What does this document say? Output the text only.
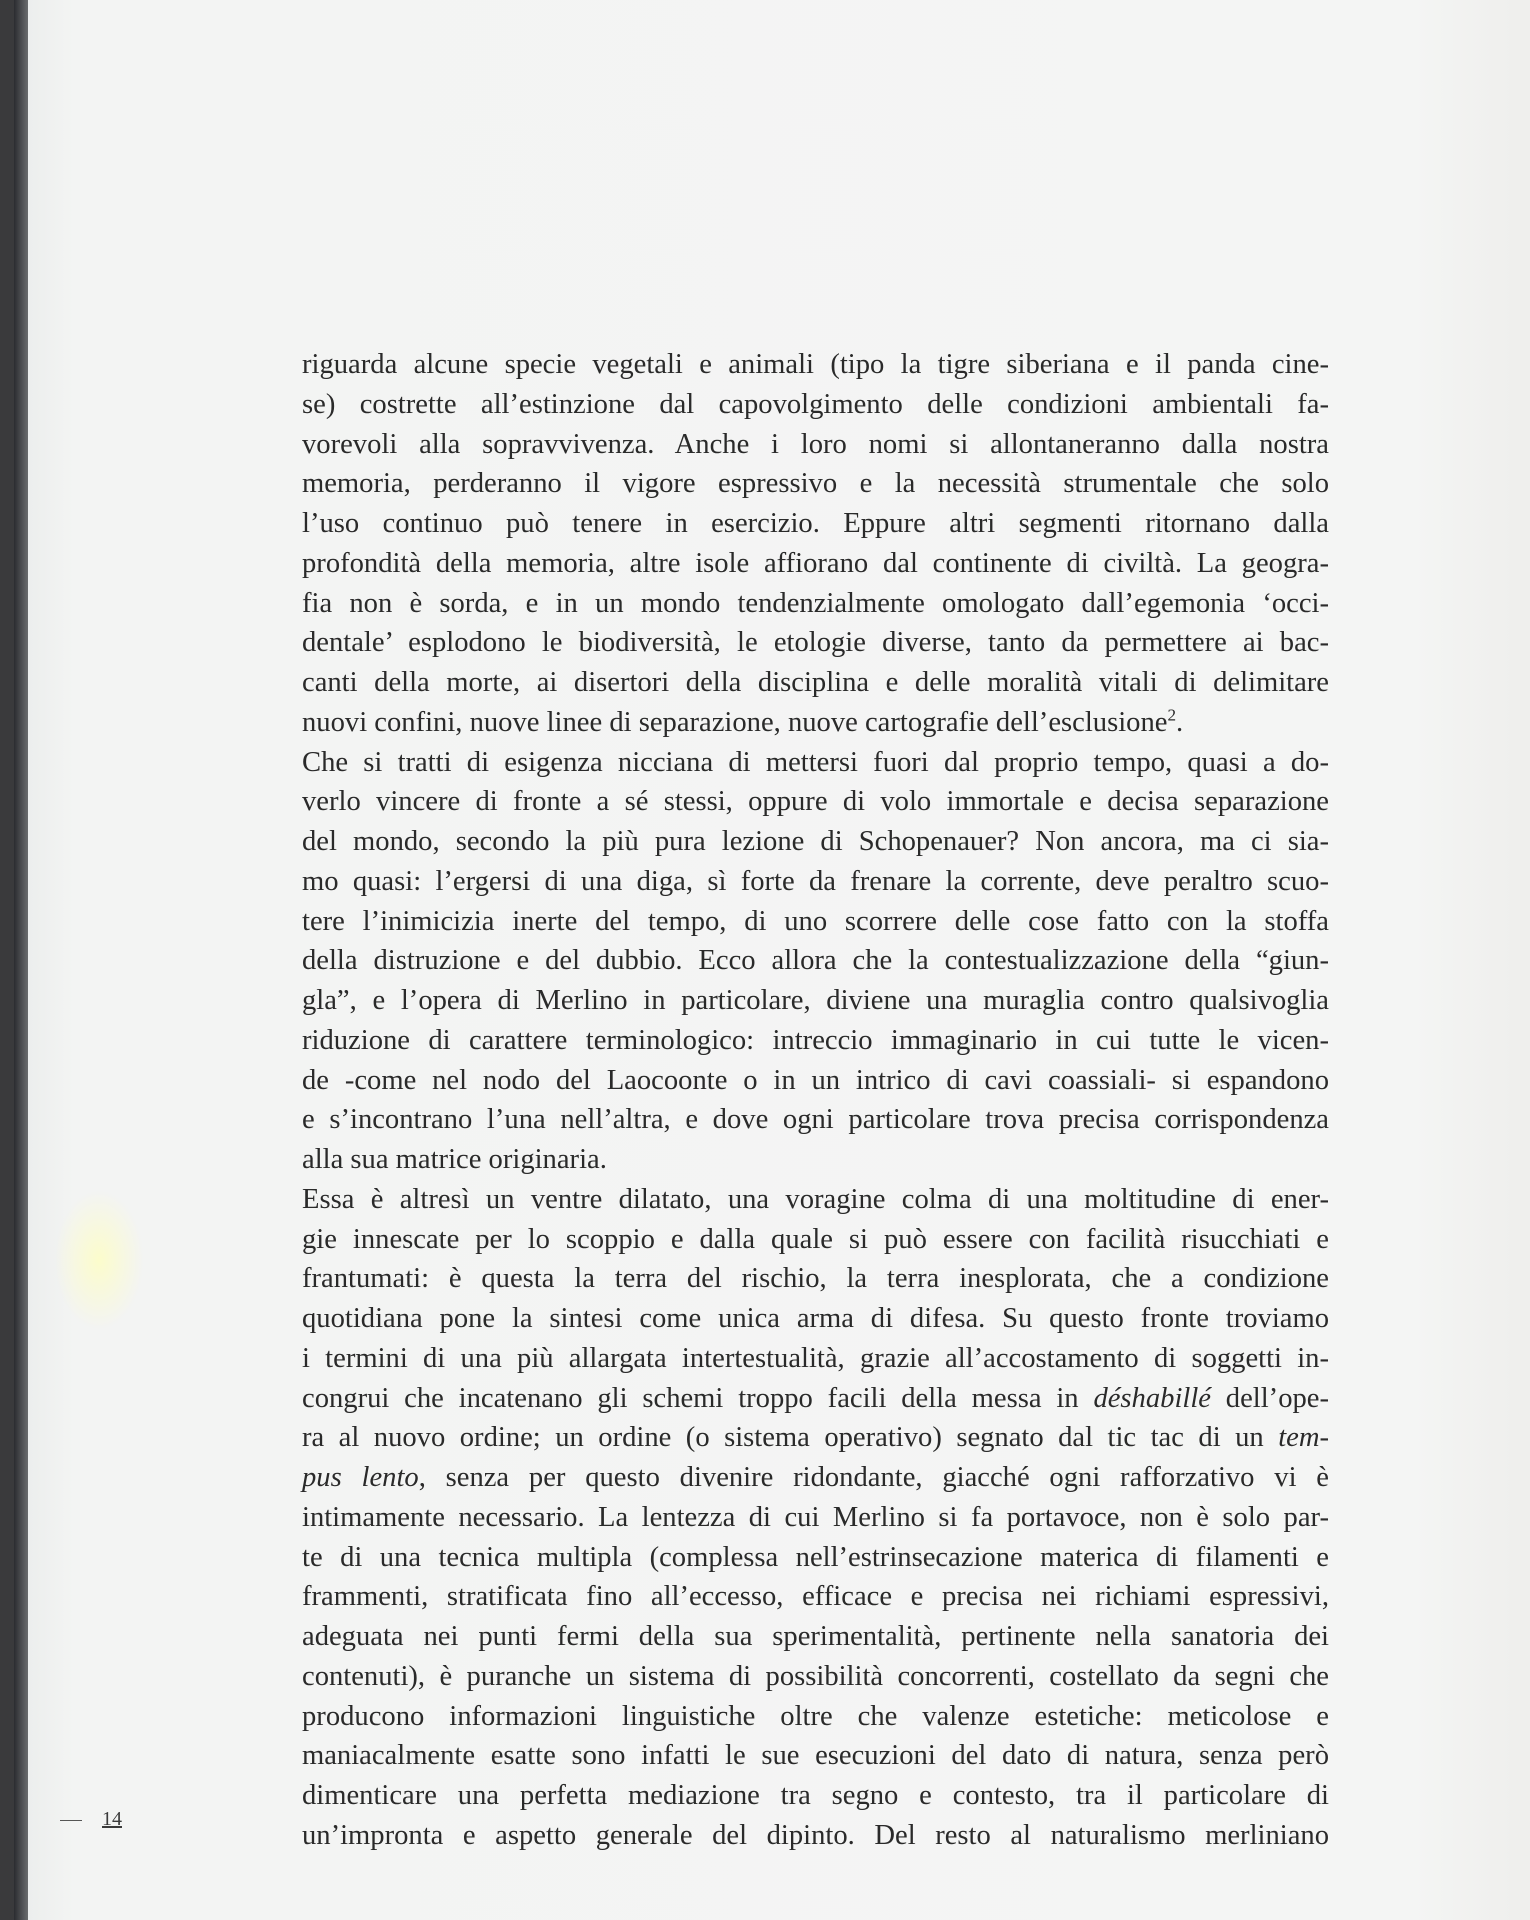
riguarda alcune specie vegetali e animali (tipo la tigre siberiana e il panda cine-
se) costrette all’estinzione dal capovolgimento delle condizioni ambientali fa-
vorevoli alla sopravvivenza. Anche i loro nomi si allontaneranno dalla nostra
memoria, perderanno il vigore espressivo e la necessità strumentale che solo
l’uso continuo può tenere in esercizio. Eppure altri segmenti ritornano dalla
profondità della memoria, altre isole affiorano dal continente di civiltà. La geogra-
fia non è sorda, e in un mondo tendenzialmente omologato dall’egemonia ‘occi-
dentale’ esplodono le biodiversità, le etologie diverse, tanto da permettere ai bac-
canti della morte, ai disertori della disciplina e delle moralità vitali di delimitare
nuovi confini, nuove linee di separazione, nuove cartografie dell’esclusione$^2$.
Che si tratti di esigenza nicciana di mettersi fuori dal proprio tempo, quasi a do-
verlo vincere di fronte a sé stessi, oppure di volo immortale e decisa separazione
del mondo, secondo la più pura lezione di Schopenauer? Non ancora, ma ci sia-
mo quasi: l’ergersi di una diga, sì forte da frenare la corrente, deve peraltro scuo-
tere l’inimicizia inerte del tempo, di uno scorrere delle cose fatto con la stoffa
della distruzione e del dubbio. Ecco allora che la contestualizzazione della “giun-
gla”, e l’opera di Merlino in particolare, diviene una muraglia contro qualsivoglia
riduzione di carattere terminologico: intreccio immaginario in cui tutte le vicen-
de -come nel nodo del Laocoonte o in un intrico di cavi coassiali- si espandono
e s’incontrano l’una nell’altra, e dove ogni particolare trova precisa corrispondenza
alla sua matrice originaria.
Essa è altresì un ventre dilatato, una voragine colma di una moltitudine di ener-
gie innescate per lo scoppio e dalla quale si può essere con facilità risucchiati e
frantumati: è questa la terra del rischio, la terra inesplorata, che a condizione
quotidiana pone la sintesi come unica arma di difesa. Su questo fronte troviamo
i termini di una più allargata intertestualità, grazie all’accostamento di soggetti in-
congrui che incatenano gli schemi troppo facili della messa in déshabillé dell’ope-
ra al nuovo ordine; un ordine (o sistema operativo) segnato dal tic tac di un tem-
pus lento, senza per questo divenire ridondante, giacché ogni rafforzativo vi è
intimamente necessario. La lentezza di cui Merlino si fa portavoce, non è solo par-
te di una tecnica multipla (complessa nell’estrinsecazione materica di filamenti e
frammenti, stratificata fino all’eccesso, efficace e precisa nei richiami espressivi,
adeguata nei punti fermi della sua sperimentalità, pertinente nella sanatoria dei
contenuti), è puranche un sistema di possibilità concorrenti, costellato da segni che
producono informazioni linguistiche oltre che valenze estetiche: meticolose e
maniacalmente esatte sono infatti le sue esecuzioni del dato di natura, senza però
dimenticare una perfetta mediazione tra segno e contesto, tra il particolare di
un’impronta e aspetto generale del dipinto. Del resto al naturalismo merliniano
14
